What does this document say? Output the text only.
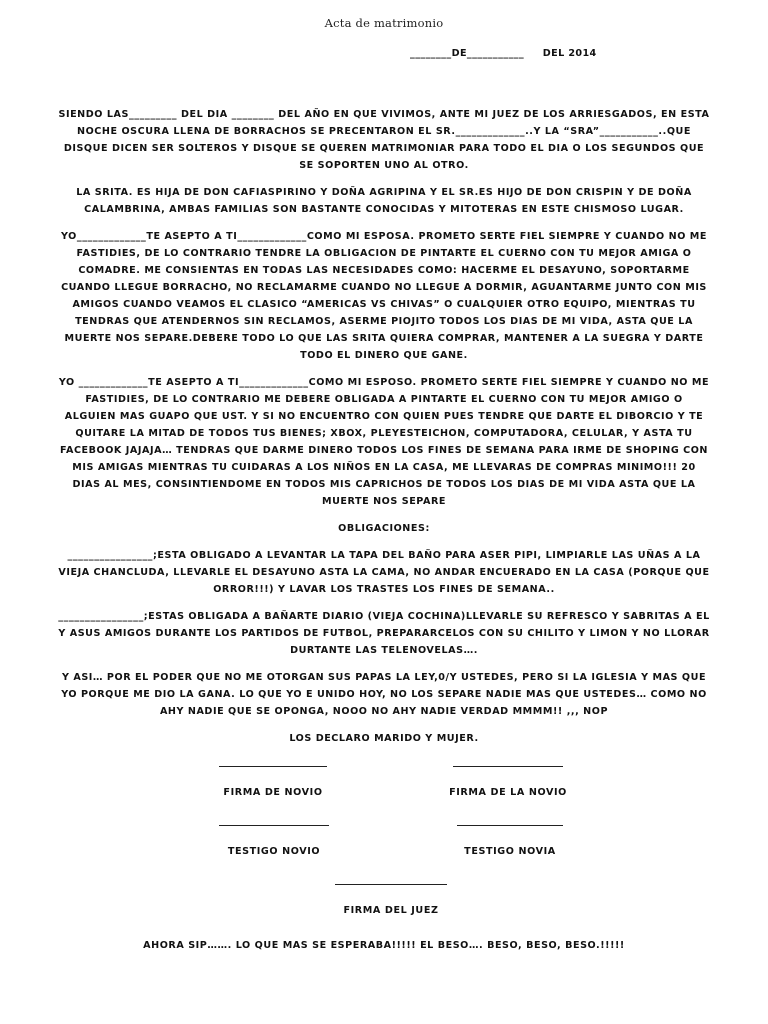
Acta de matrimonio
________DE___________     DEL 2014

SIENDO LAS_________ DEL DIA ________ DEL AÑO EN QUE VIVIMOS, ANTE MI JUEZ DE LOS ARRIESGADOS, EN ESTA NOCHE OSCURA LLENA DE BORRACHOS SE PRECENTARON EL SR._____________..Y LA “SRA”___________..QUE DISQUE DICEN SER SOLTEROS Y DISQUE SE QUEREN MATRIMONIAR PARA TODO EL DIA O LOS SEGUNDOS QUE SE SOPORTEN UNO AL OTRO.

LA SRITA. ES HIJA DE DON CAFIASPIRINO Y DOÑA AGRIPINA Y EL SR.ES HIJO DE DON CRISPIN Y DE DOÑA CALAMBRINA, AMBAS FAMILIAS SON BASTANTE CONOCIDAS Y MITOTERAS EN ESTE CHISMOSO LUGAR.

YO_____________TE ASEPTO A TI_____________COMO MI ESPOSA. PROMETO SERTE FIEL SIEMPRE Y CUANDO NO ME FASTIDIES, DE LO CONTRARIO TENDRE LA OBLIGACION DE PINTARTE EL CUERNO CON TU MEJOR AMIGA O COMADRE. ME CONSIENTAS EN TODAS LAS NECESIDADES COMO: HACERME EL DESAYUNO, SOPORTARME CUANDO LLEGUE BORRACHO, NO RECLAMARME CUANDO NO LLEGUE A DORMIR, AGUANTARME JUNTO CON MIS AMIGOS CUANDO VEAMOS EL CLASICO “AMERICAS VS CHIVAS” O CUALQUIER OTRO EQUIPO, MIENTRAS TU TENDRAS QUE ATENDERNOS SIN RECLAMOS, ASERME PIOJITO TODOS LOS DIAS DE MI VIDA, ASTA QUE LA MUERTE NOS SEPARE.DEBERE TODO LO QUE LAS SRITA QUIERA COMPRAR, MANTENER A LA SUEGRA Y DARTE TODO EL DINERO QUE GANE.

YO _____________TE ASEPTO A TI_____________COMO MI ESPOSO. PROMETO SERTE FIEL SIEMPRE Y CUANDO NO ME FASTIDIES, DE LO CONTRARIO ME DEBERE OBLIGADA A PINTARTE EL CUERNO CON TU MEJOR AMIGO O ALGUIEN MAS GUAPO QUE UST. Y SI NO ENCUENTRO CON QUIEN PUES TENDRE QUE DARTE EL DIBORCIO Y TE QUITARE LA MITAD DE TODOS TUS BIENES; XBOX, PLEYESTEICHON, COMPUTADORA, CELULAR, Y ASTA TU FACEBOOK JAJAJA… TENDRAS QUE DARME DINERO TODOS LOS FINES DE SEMANA PARA IRME DE SHOPING CON MIS AMIGAS MIENTRAS TU CUIDARAS A LOS NIÑOS EN LA CASA, ME LLEVARAS DE COMPRAS MINIMO!!! 20 DIAS AL MES, CONSINTIENDOME EN TODOS MIS CAPRICHOS DE TODOS LOS DIAS DE MI VIDA ASTA QUE LA MUERTE NOS SEPARE

OBLIGACIONES:

________________;ESTA OBLIGADO A LEVANTAR LA TAPA DEL BAÑO PARA ASER PIPI, LIMPIARLE LAS UÑAS A LA VIEJA CHANCLUDA, LLEVARLE EL DESAYUNO ASTA LA CAMA, NO ANDAR ENCUERADO EN LA CASA (PORQUE QUE ORROR!!!) Y LAVAR LOS TRASTES LOS FINES DE SEMANA..

________________;ESTAS OBLIGADA A BAÑARTE DIARIO (VIEJA COCHINA)LLEVARLE SU REFRESCO Y SABRITAS A EL Y ASUS AMIGOS DURANTE LOS PARTIDOS DE FUTBOL, PREPARARCELOS CON SU CHILITO Y LIMON Y NO LLORAR DURTANTE LAS TELENOVELAS….

Y ASI… POR EL PODER QUE NO ME OTORGAN SUS PAPAS LA LEY,0/Y USTEDES, PERO SI LA IGLESIA Y MAS QUE YO PORQUE ME DIO LA GANA. LO QUE YO E UNIDO HOY, NO LOS SEPARE NADIE MAS QUE USTEDES… COMO NO AHY NADIE QUE SE OPONGA, NOOO NO AHY NADIE VERDAD MMMM!! ,,, NOP

LOS DECLARO MARIDO Y MUJER.

FIRMA DE NOVIO	FIRMA DE LA NOVIO
TESTIGO NOVIO	TESTIGO NOVIA
FIRMA DEL JUEZ
AHORA SIP……. LO QUE MAS SE ESPERABA!!!!! EL BESO…. BESO, BESO, BESO.!!!!!
